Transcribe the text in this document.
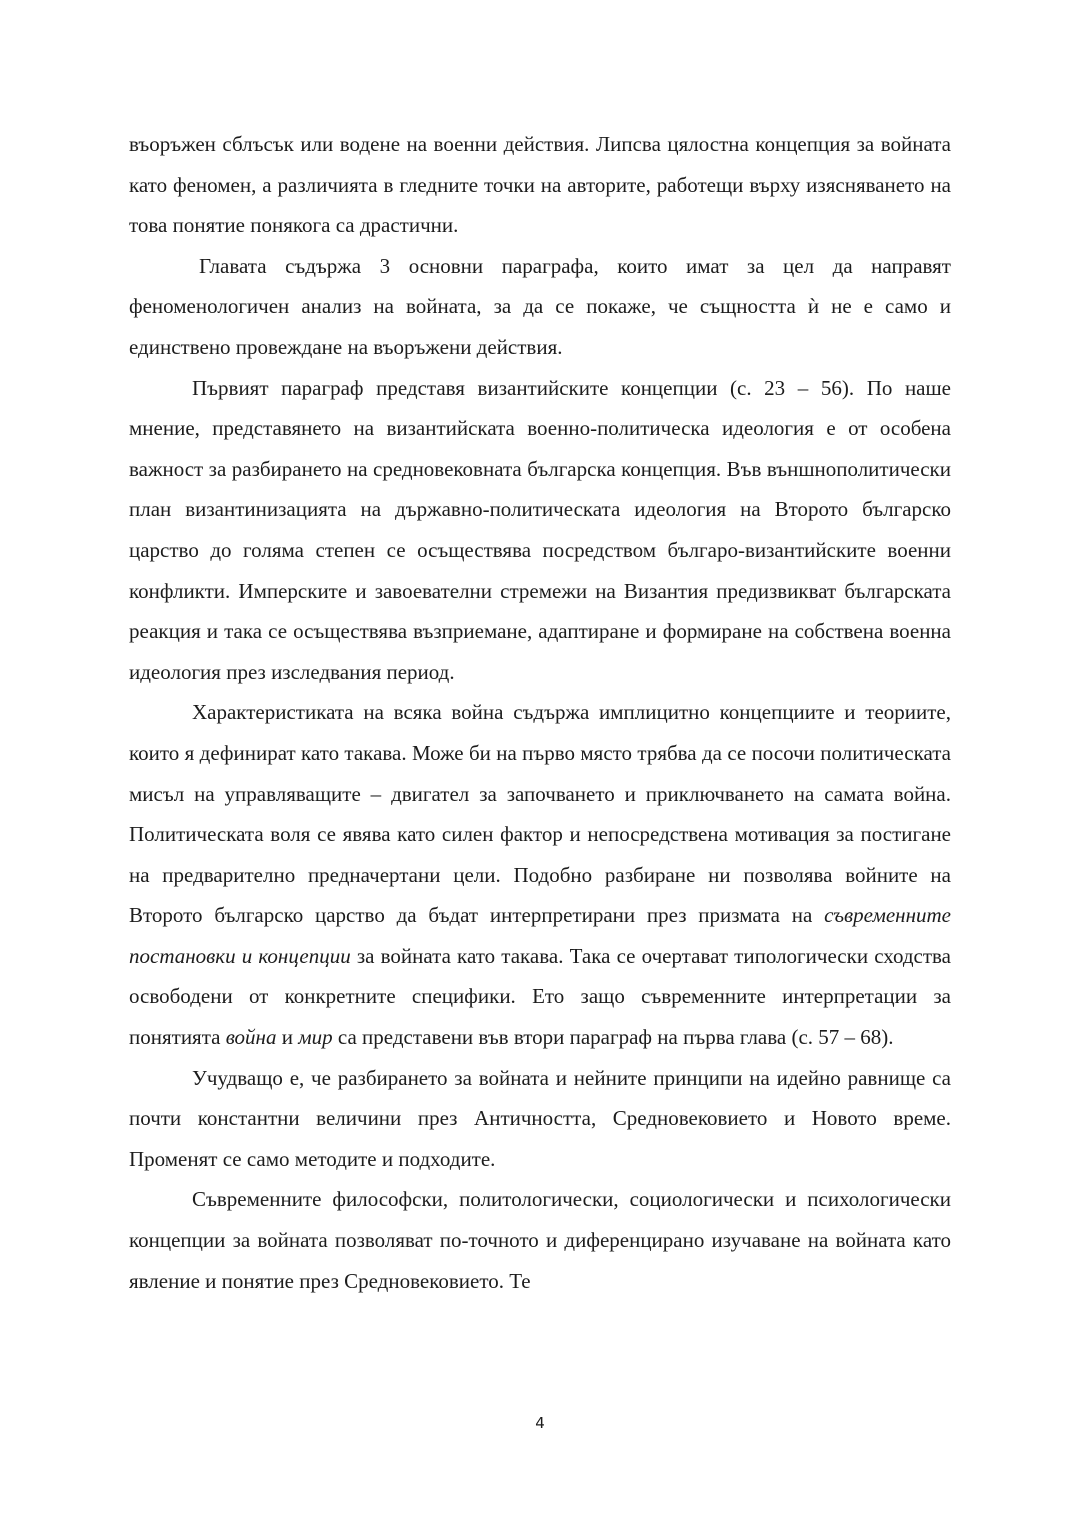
въоръжен сблъсък или водене на военни действия. Липсва цялостна концепция за войната като феномен, а различията в гледните точки на авторите, работещи върху изясняването на това понятие понякога са драстични.

Главата съдържа 3 основни параграфа, които имат за цел да направят феноменологичен анализ на войната, за да се покаже, че същността ѝ не е само и единствено провеждане на въоръжени действия.

Първият параграф представя византийските концепции (с. 23 – 56). По наше мнение, представянето на византийската военно-политическа идеология е от особена важност за разбирането на средновековната българска концепция. Във външнополитически план византинизацията на държавно-политическата идеология на Второто българско царство до голяма степен се осъществява посредством българо-византийските военни конфликти. Имперските и завоевателни стремежи на Византия предизвикват българската реакция и така се осъществява възприемане, адаптиране и формиране на собствена военна идеология през изследвания период.

Характеристиката на всяка война съдържа имплицитно концепциите и теориите, които я дефинират като такава. Може би на първо място трябва да се посочи политическата мисъл на управляващите – двигател за започването и приключването на самата война. Политическата воля се явява като силен фактор и непосредствена мотивация за постигане на предварително предначертани цели. Подобно разбиране ни позволява войните на Второто българско царство да бъдат интерпретирани през призмата на съвременните постановки и концепции за войната като такава. Така се очертават типологически сходства освободени от конкретните специфики. Ето защо съвременните интерпретации за понятията война и мир са представени във втори параграф на първа глава (с. 57 – 68).

Учудващо е, че разбирането за войната и нейните принципи на идейно равнище са почти константни величини през Античността, Средновековието и Новото време. Променят се само методите и подходите.

Съвременните философски, политологически, социологически и психологически концепции за войната позволяват по-точното и диференцирано изучаване на войната като явление и понятие през Средновековието. Те

4
